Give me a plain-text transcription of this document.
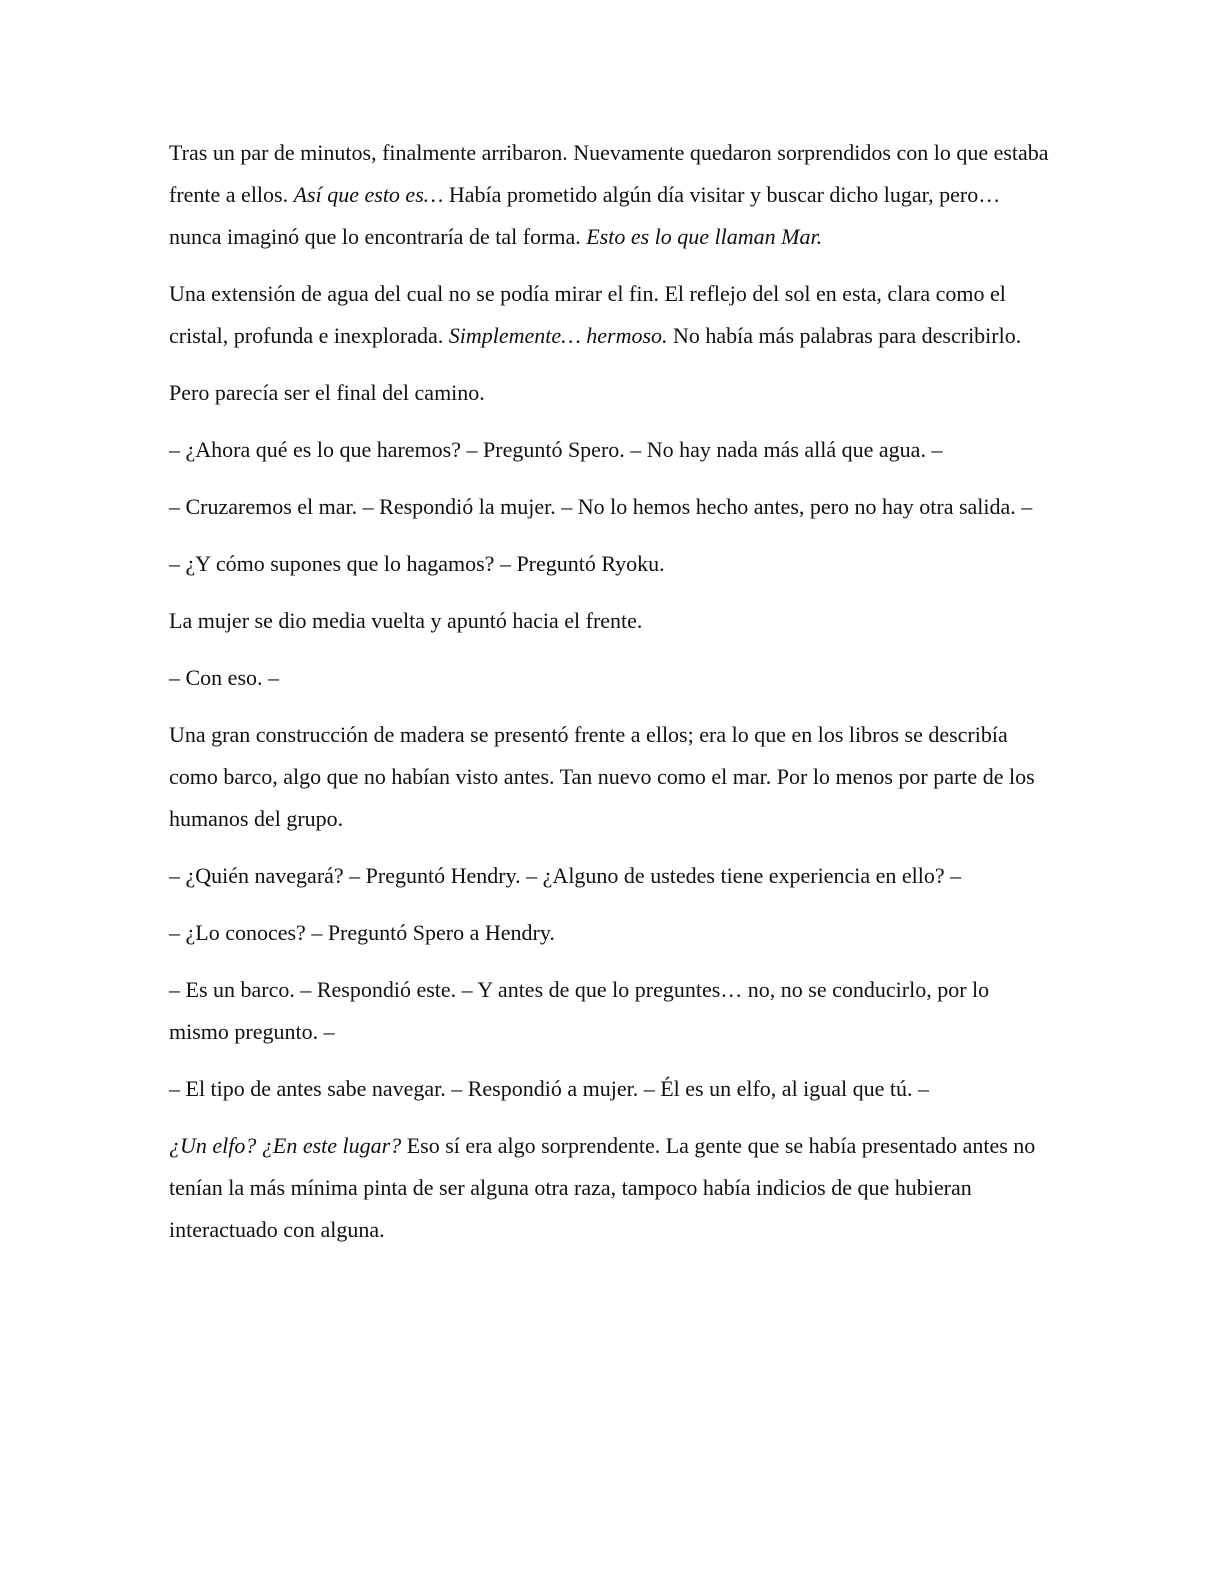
Tras un par de minutos, finalmente arribaron. Nuevamente quedaron sorprendidos con lo que estaba frente a ellos. Así que esto es… Había prometido algún día visitar y buscar dicho lugar, pero… nunca imaginó que lo encontraría de tal forma. Esto es lo que llaman Mar.

Una extensión de agua del cual no se podía mirar el fin. El reflejo del sol en esta, clara como el cristal, profunda e inexplorada. Simplemente… hermoso. No había más palabras para describirlo.

Pero parecía ser el final del camino.

– ¿Ahora qué es lo que haremos? – Preguntó Spero. – No hay nada más allá que agua. –

– Cruzaremos el mar. – Respondió la mujer. – No lo hemos hecho antes, pero no hay otra salida. –

– ¿Y cómo supones que lo hagamos? – Preguntó Ryoku.

La mujer se dio media vuelta y apuntó hacia el frente.

– Con eso. –

Una gran construcción de madera se presentó frente a ellos; era lo que en los libros se describía como barco, algo que no habían visto antes. Tan nuevo como el mar. Por lo menos por parte de los humanos del grupo.

– ¿Quién navegará? – Preguntó Hendry. – ¿Alguno de ustedes tiene experiencia en ello? –

– ¿Lo conoces? – Preguntó Spero a Hendry.

– Es un barco. – Respondió este. – Y antes de que lo preguntes… no, no se conducirlo, por lo mismo pregunto. –

– El tipo de antes sabe navegar. – Respondió a mujer. – Él es un elfo, al igual que tú. –

¿Un elfo? ¿En este lugar? Eso sí era algo sorprendente. La gente que se había presentado antes no tenían la más mínima pinta de ser alguna otra raza, tampoco había indicios de que hubieran interactuado con alguna.
